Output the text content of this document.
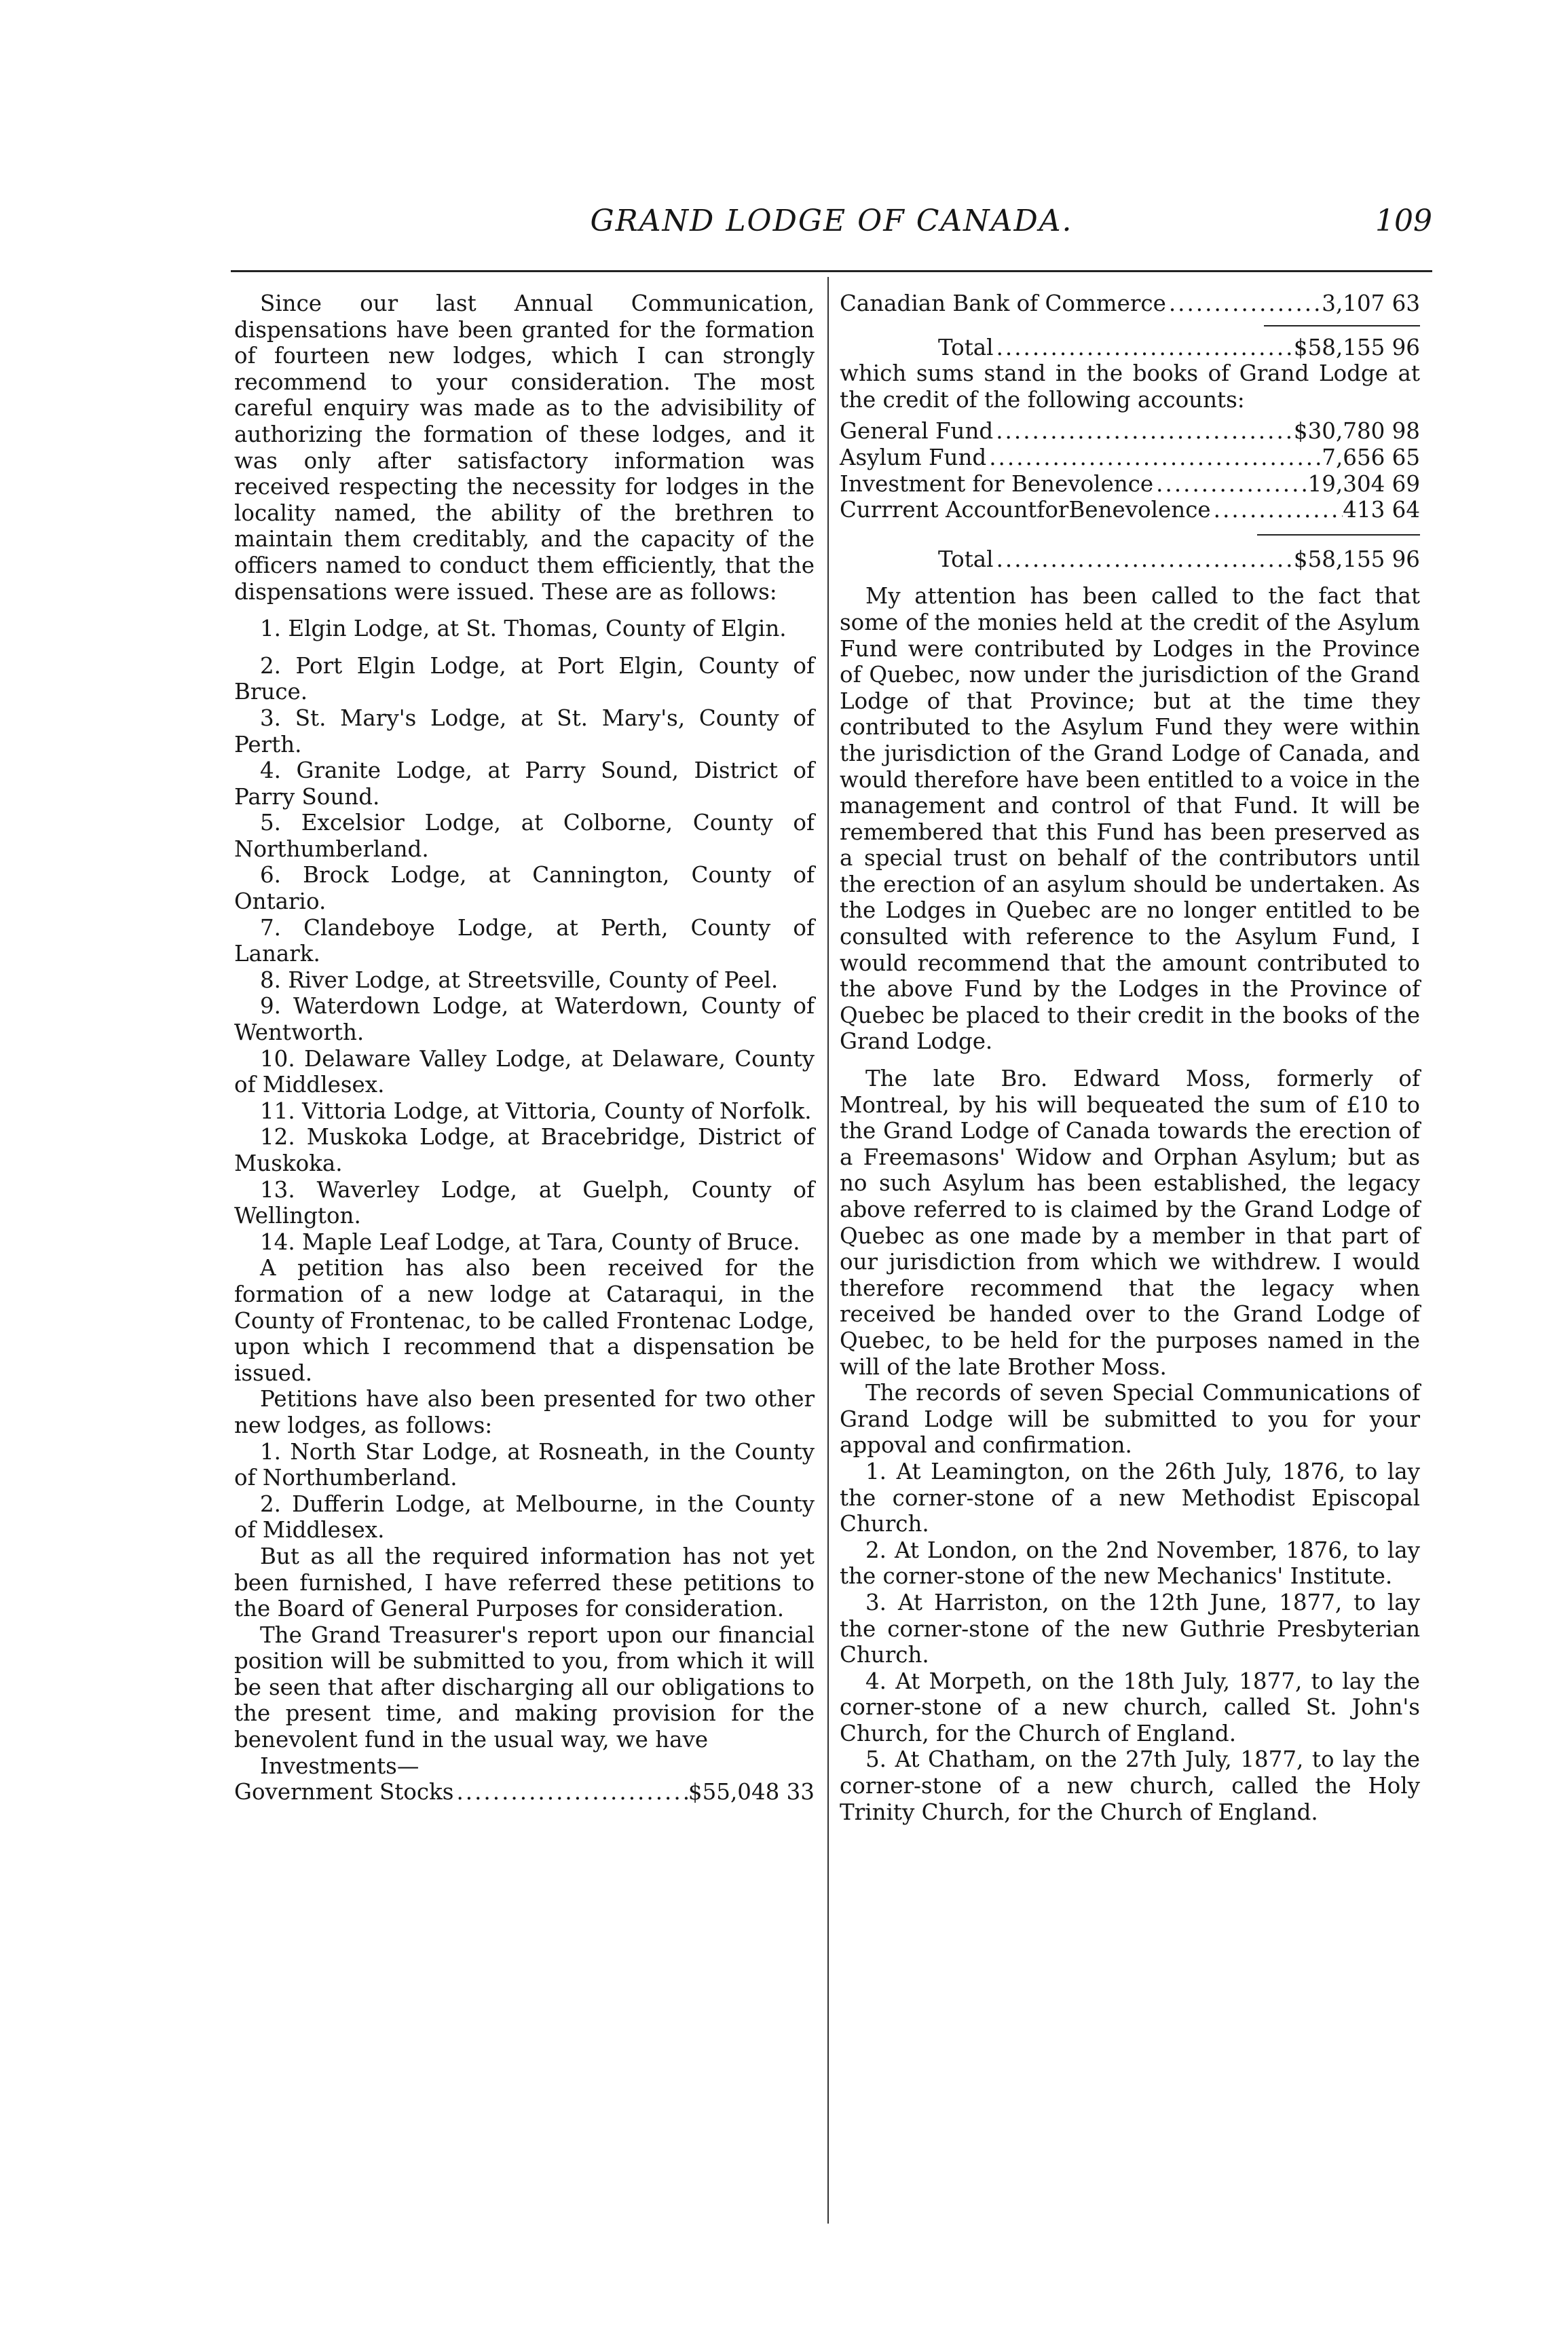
GRAND LODGE OF CANADA.	109

Since our last Annual Communication, dispensations have been granted for the formation of fourteen new lodges, which I can strongly recommend to your consideration. The most careful enquiry was made as to the advisibility of authorizing the formation of these lodges, and it was only after satisfactory information was received respecting the necessity for lodges in the locality named, the ability of the brethren to maintain them creditably, and the capacity of the officers named to conduct them efficiently, that the dispensations were issued. These are as follows:

1. Elgin Lodge, at St. Thomas, County of Elgin.

2. Port Elgin Lodge, at Port Elgin, County of Bruce.

3. St. Mary's Lodge, at St. Mary's, County of Perth.

4. Granite Lodge, at Parry Sound, District of Parry Sound.

5. Excelsior Lodge, at Colborne, County of Northumberland.

6. Brock Lodge, at Cannington, County of Ontario.

7. Clandeboye Lodge, at Perth, County of Lanark.

8. River Lodge, at Streetsville, County of Peel.

9. Waterdown Lodge, at Waterdown, County of Wentworth.

10. Delaware Valley Lodge, at Delaware, County of Middlesex.

11. Vittoria Lodge, at Vittoria, County of Norfolk.

12. Muskoka Lodge, at Bracebridge, District of Muskoka.

13. Waverley Lodge, at Guelph, County of Wellington.

14. Maple Leaf Lodge, at Tara, County of Bruce.

A petition has also been received for the formation of a new lodge at Cataraqui, in the County of Frontenac, to be called Frontenac Lodge, upon which I recommend that a dispensation be issued.

Petitions have also been presented for two other new lodges, as follows:

1. North Star Lodge, at Rosneath, in the County of Northumberland.

2. Dufferin Lodge, at Melbourne, in the County of Middlesex.

But as all the required information has not yet been furnished, I have referred these petitions to the Board of General Purposes for consideration.

The Grand Treasurer's report upon our financial position will be submitted to you, from which it will be seen that after discharging all our obligations to the present time, and making provision for the benevolent fund in the usual way, we have

Investments—

Government Stocks .....	$55,048 33
Canadian Bank of Commerce .....	3,107 63
Total .....	$58,155 96

which sums stand in the books of Grand Lodge at the credit of the following accounts:

General Fund .....	$30,780 98
Asylum Fund .....	7,656 65
Investment for Benevolence .....	19,304 69
Currrent AccountforBenevolence .....	413 64
Total .....	$58,155 96

My attention has been called to the fact that some of the monies held at the credit of the Asylum Fund were contributed by Lodges in the Province of Quebec, now under the jurisdiction of the Grand Lodge of that Province; but at the time they contributed to the Asylum Fund they were within the jurisdiction of the Grand Lodge of Canada, and would therefore have been entitled to a voice in the management and control of that Fund. It will be remembered that this Fund has been preserved as a special trust on behalf of the contributors until the erection of an asylum should be undertaken. As the Lodges in Quebec are no longer entitled to be consulted with reference to the Asylum Fund, I would recommend that the amount contributed to the above Fund by the Lodges in the Province of Quebec be placed to their credit in the books of the Grand Lodge.

The late Bro. Edward Moss, formerly of Montreal, by his will bequeated the sum of £10 to the Grand Lodge of Canada towards the erection of a Freemasons' Widow and Orphan Asylum; but as no such Asylum has been established, the legacy above referred to is claimed by the Grand Lodge of Quebec as one made by a member in that part of our jurisdiction from which we withdrew. I would therefore recommend that the legacy when received be handed over to the Grand Lodge of Quebec, to be held for the purposes named in the will of the late Brother Moss.

The records of seven Special Communications of Grand Lodge will be submitted to you for your appoval and confirmation.

1. At Leamington, on the 26th July, 1876, to lay the corner-stone of a new Methodist Episcopal Church.

2. At London, on the 2nd November, 1876, to lay the corner-stone of the new Mechanics' Institute.

3. At Harriston, on the 12th June, 1877, to lay the corner-stone of the new Guthrie Presbyterian Church.

4. At Morpeth, on the 18th July, 1877, to lay the corner-stone of a new church, called St. John's Church, for the Church of England.

5. At Chatham, on the 27th July, 1877, to lay the corner-stone of a new church, called the Holy Trinity Church, for the Church of England.
